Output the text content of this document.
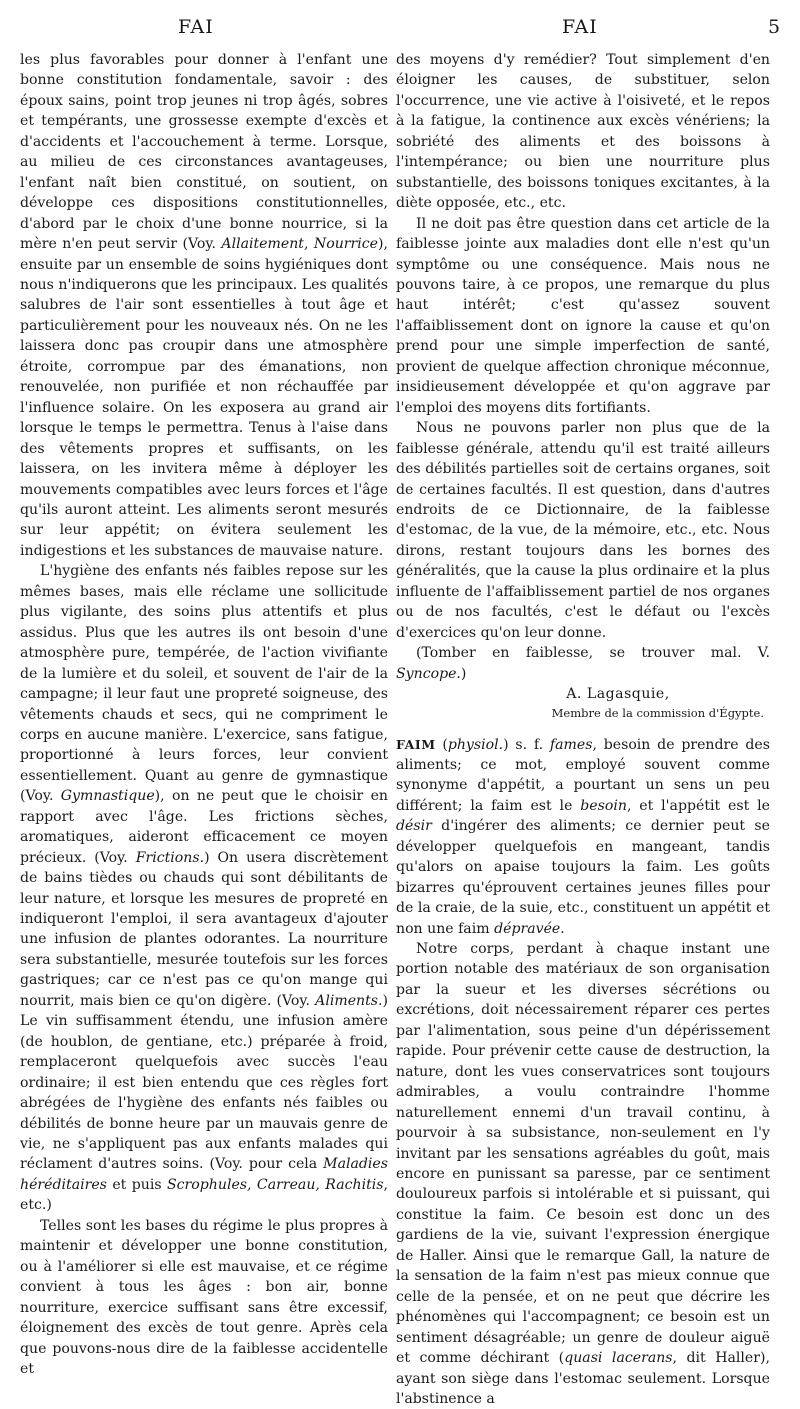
FAI	FAI	5

les plus favorables pour donner à l'enfant une bonne constitution fondamentale, savoir : des époux sains, point trop jeunes ni trop âgés, sobres et tempérants, une grossesse exempte d'excès et d'accidents et l'accouchement à terme. Lorsque, au milieu de ces circonstances avantageuses, l'enfant naît bien constitué, on soutient, on développe ces dispositions constitutionnelles, d'abord par le choix d'une bonne nourrice, si la mère n'en peut servir (Voy. Allaitement, Nourrice), ensuite par un ensemble de soins hygiéniques dont nous n'indiquerons que les principaux. Les qualités salubres de l'air sont essentielles à tout âge et particulièrement pour les nouveaux nés. On ne les laissera donc pas croupir dans une atmosphère étroite, corrompue par des émanations, non renouvelée, non purifiée et non réchauffée par l'influence solaire. On les exposera au grand air lorsque le temps le permettra. Tenus à l'aise dans des vêtements propres et suffisants, on les laissera, on les invitera même à déployer les mouvements compatibles avec leurs forces et l'âge qu'ils auront atteint. Les aliments seront mesurés sur leur appétit; on évitera seulement les indigestions et les substances de mauvaise nature.

L'hygiène des enfants nés faibles repose sur les mêmes bases, mais elle réclame une sollicitude plus vigilante, des soins plus attentifs et plus assidus. Plus que les autres ils ont besoin d'une atmosphère pure, tempérée, de l'action vivifiante de la lumière et du soleil, et souvent de l'air de la campagne; il leur faut une propreté soigneuse, des vêtements chauds et secs, qui ne compriment le corps en aucune manière. L'exercice, sans fatigue, proportionné à leurs forces, leur convient essentiellement. Quant au genre de gymnastique (Voy. Gymnastique), on ne peut que le choisir en rapport avec l'âge. Les frictions sèches, aromatiques, aideront efficacement ce moyen précieux. (Voy. Frictions.) On usera discrètement de bains tièdes ou chauds qui sont débilitants de leur nature, et lorsque les mesures de propreté en indiqueront l'emploi, il sera avantageux d'ajouter une infusion de plantes odorantes. La nourriture sera substantielle, mesurée toutefois sur les forces gastriques; car ce n'est pas ce qu'on mange qui nourrit, mais bien ce qu'on digère. (Voy. Aliments.) Le vin suffisamment étendu, une infusion amère (de houblon, de gentiane, etc.) préparée à froid, remplaceront quelquefois avec succès l'eau ordinaire; il est bien entendu que ces règles fort abrégées de l'hygiène des enfants nés faibles ou débilités de bonne heure par un mauvais genre de vie, ne s'appliquent pas aux enfants malades qui réclament d'autres soins. (Voy. pour cela Maladies héréditaires et puis Scrophules, Carreau, Rachitis, etc.)

Telles sont les bases du régime le plus propres à maintenir et développer une bonne constitution, ou à l'améliorer si elle est mauvaise, et ce régime convient à tous les âges : bon air, bonne nourriture, exercice suffisant sans être excessif, éloignement des excès de tout genre. Après cela que pouvons-nous dire de la faiblesse accidentelle et

des moyens d'y remédier? Tout simplement d'en éloigner les causes, de substituer, selon l'occurrence, une vie active à l'oisiveté, et le repos à la fatigue, la continence aux excès vénériens; la sobriété des aliments et des boissons à l'intempérance; ou bien une nourriture plus substantielle, des boissons toniques excitantes, à la diète opposée, etc., etc.

Il ne doit pas être question dans cet article de la faiblesse jointe aux maladies dont elle n'est qu'un symptôme ou une conséquence. Mais nous ne pouvons taire, à ce propos, une remarque du plus haut intérêt; c'est qu'assez souvent l'affaiblissement dont on ignore la cause et qu'on prend pour une simple imperfection de santé, provient de quelque affection chronique méconnue, insidieusement développée et qu'on aggrave par l'emploi des moyens dits fortifiants.

Nous ne pouvons parler non plus que de la faiblesse générale, attendu qu'il est traité ailleurs des débilités partielles soit de certains organes, soit de certaines facultés. Il est question, dans d'autres endroits de ce Dictionnaire, de la faiblesse d'estomac, de la vue, de la mémoire, etc., etc. Nous dirons, restant toujours dans les bornes des généralités, que la cause la plus ordinaire et la plus influente de l'affaiblissement partiel de nos organes ou de nos facultés, c'est le défaut ou l'excès d'exercices qu'on leur donne.

(Tomber en faiblesse, se trouver mal. V. Syncope.)

A. Lagasquie,

Membre de la commission d'Égypte.

FAIM (physiol.) s. f. fames, besoin de prendre des aliments; ce mot, employé souvent comme synonyme d'appétit, a pourtant un sens un peu différent; la faim est le besoin, et l'appétit est le désir d'ingérer des aliments; ce dernier peut se développer quelquefois en mangeant, tandis qu'alors on apaise toujours la faim. Les goûts bizarres qu'éprouvent certaines jeunes filles pour de la craie, de la suie, etc., constituent un appétit et non une faim dépravée.

Notre corps, perdant à chaque instant une portion notable des matériaux de son organisation par la sueur et les diverses sécrétions ou excrétions, doit nécessairement réparer ces pertes par l'alimentation, sous peine d'un dépérissement rapide. Pour prévenir cette cause de destruction, la nature, dont les vues conservatrices sont toujours admirables, a voulu contraindre l'homme naturellement ennemi d'un travail continu, à pourvoir à sa subsistance, non-seulement en l'y invitant par les sensations agréables du goût, mais encore en punissant sa paresse, par ce sentiment douloureux parfois si intolérable et si puissant, qui constitue la faim. Ce besoin est donc un des gardiens de la vie, suivant l'expression énergique de Haller. Ainsi que le remarque Gall, la nature de la sensation de la faim n'est pas mieux connue que celle de la pensée, et on ne peut que décrire les phénomènes qui l'accompagnent; ce besoin est un sentiment désagréable; un genre de douleur aiguë et comme déchirant (quasi lacerans, dit Haller), ayant son siège dans l'estomac seulement. Lorsque l'abstinence a
